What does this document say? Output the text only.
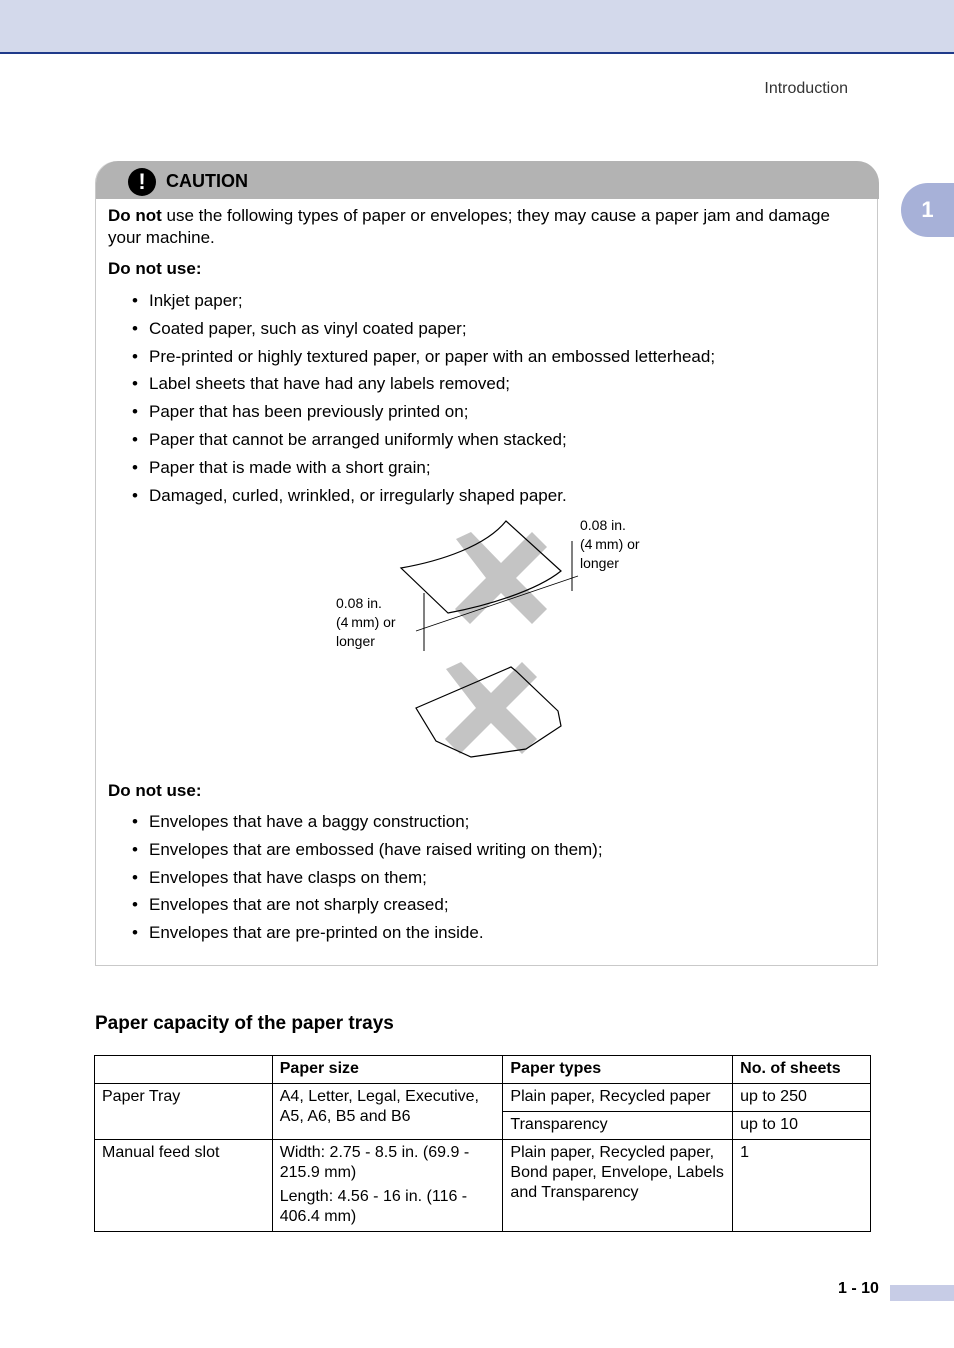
Introduction
1
!	CAUTION
Do not use the following types of paper or envelopes; they may cause a paper jam and damage your machine.
Do not use:
• Inkjet paper;
• Coated paper, such as vinyl coated paper;
• Pre-printed or highly textured paper, or paper with an embossed letterhead;
• Label sheets that have had any labels removed;
• Paper that has been previously printed on;
• Paper that cannot be arranged uniformly when stacked;
• Paper that is made with a short grain;
• Damaged, curled, wrinkled, or irregularly shaped paper.
0.08 in.
(4 mm) or
longer
0.08 in.
(4 mm) or
longer
Do not use:
• Envelopes that have a baggy construction;
• Envelopes that are embossed (have raised writing on them);
• Envelopes that have clasps on them;
• Envelopes that are not sharply creased;
• Envelopes that are pre-printed on the inside.
Paper capacity of the paper trays
	Paper size	Paper types	No. of sheets
Paper Tray	A4, Letter, Legal, Executive, A5, A6, B5 and B6	Plain paper, Recycled paper	up to 250
		Transparency	up to 10
Manual feed slot	Width: 2.75 - 8.5 in. (69.9 - 215.9 mm)

Length: 4.56 - 16 in. (116 - 406.4 mm)	Plain paper, Recycled paper, Bond paper, Envelope, Labels and Transparency	1
1 - 10
